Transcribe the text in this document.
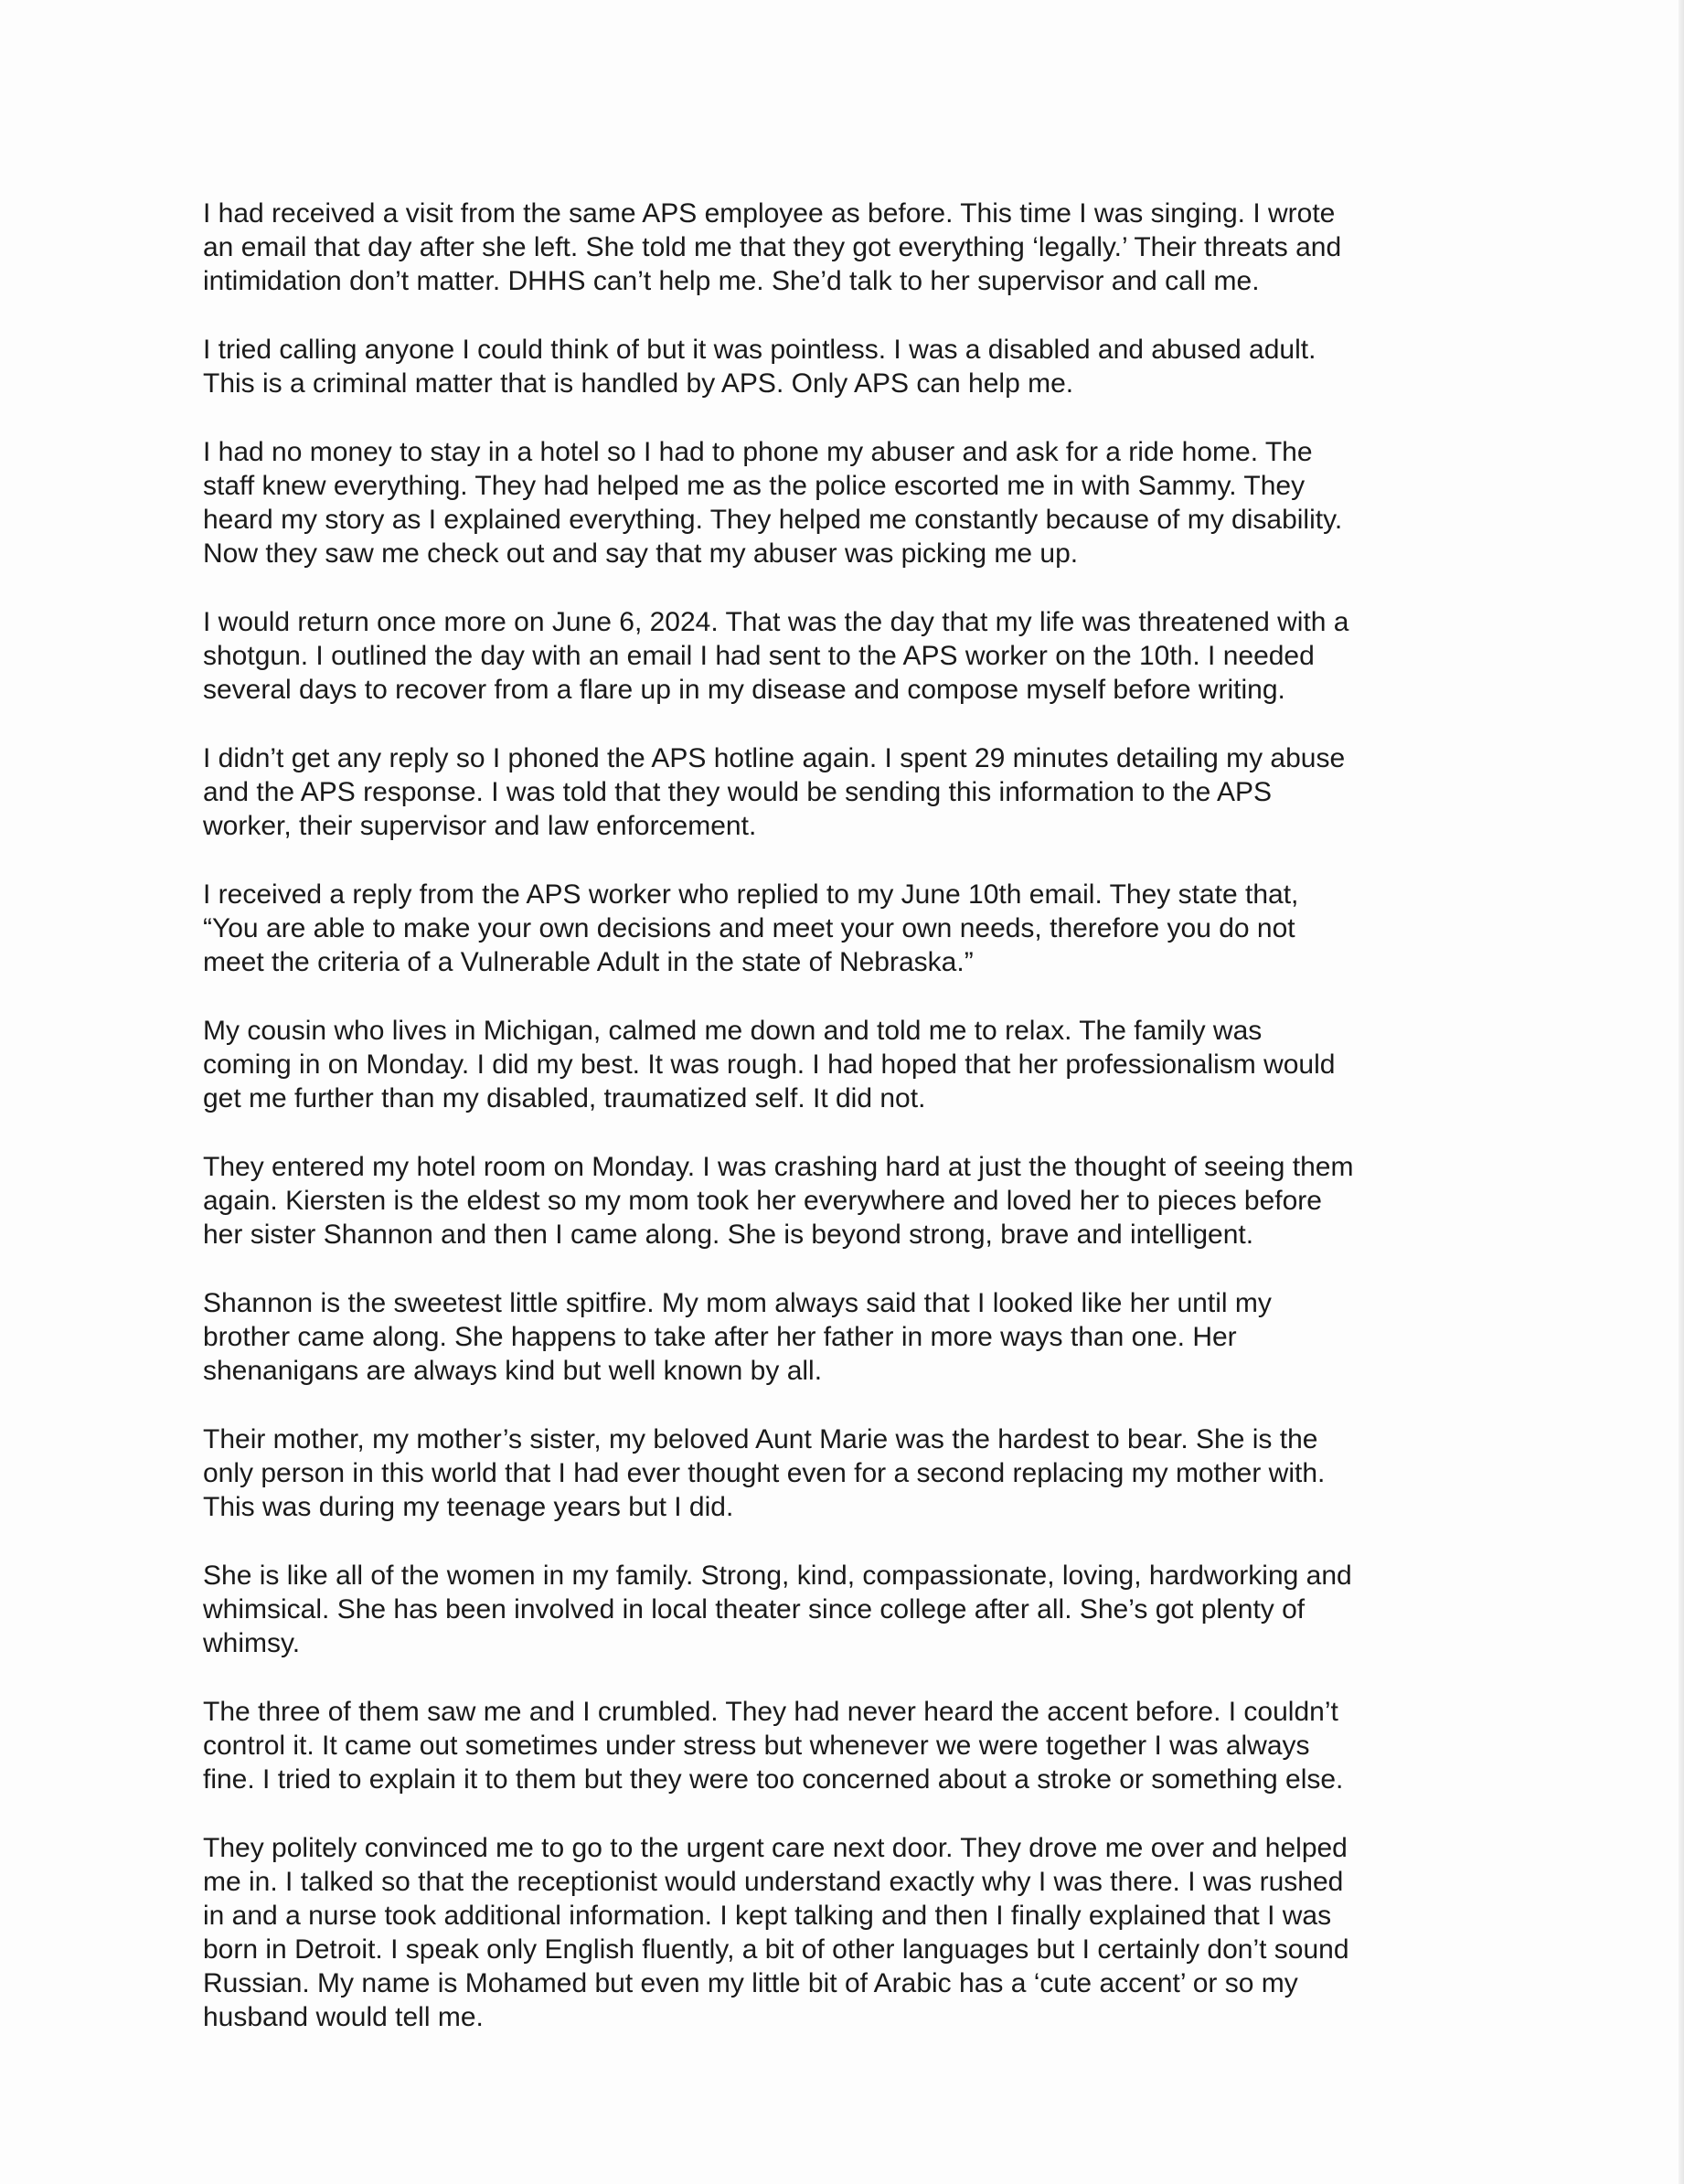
I had received a visit from the same APS employee as before. This time I was singing. I wrote
an email that day after she left. She told me that they got everything ‘legally.’ Their threats and
intimidation don’t matter. DHHS can’t help me. She’d talk to her supervisor and call me.

I tried calling anyone I could think of but it was pointless. I was a disabled and abused adult.
This is a criminal matter that is handled by APS. Only APS can help me.

I had no money to stay in a hotel so I had to phone my abuser and ask for a ride home. The
staff knew everything. They had helped me as the police escorted me in with Sammy. They
heard my story as I explained everything. They helped me constantly because of my disability.
Now they saw me check out and say that my abuser was picking me up.

I would return once more on June 6, 2024. That was the day that my life was threatened with a
shotgun. I outlined the day with an email I had sent to the APS worker on the 10th. I needed
several days to recover from a flare up in my disease and compose myself before writing.

I didn’t get any reply so I phoned the APS hotline again. I spent 29 minutes detailing my abuse
and the APS response. I was told that they would be sending this information to the APS
worker, their supervisor and law enforcement.

I received a reply from the APS worker who replied to my June 10th email. They state that,
“You are able to make your own decisions and meet your own needs, therefore you do not
meet the criteria of a Vulnerable Adult in the state of Nebraska.”

My cousin who lives in Michigan, calmed me down and told me to relax. The family was
coming in on Monday. I did my best. It was rough. I had hoped that her professionalism would
get me further than my disabled, traumatized self. It did not.

They entered my hotel room on Monday. I was crashing hard at just the thought of seeing them
again. Kiersten is the eldest so my mom took her everywhere and loved her to pieces before
her sister Shannon and then I came along. She is beyond strong, brave and intelligent.

Shannon is the sweetest little spitfire. My mom always said that I looked like her until my
brother came along. She happens to take after her father in more ways than one. Her
shenanigans are always kind but well known by all.

Their mother, my mother’s sister, my beloved Aunt Marie was the hardest to bear. She is the
only person in this world that I had ever thought even for a second replacing my mother with.
This was during my teenage years but I did.

She is like all of the women in my family. Strong, kind, compassionate, loving, hardworking and
whimsical. She has been involved in local theater since college after all. She’s got plenty of
whimsy.

The three of them saw me and I crumbled. They had never heard the accent before. I couldn’t
control it. It came out sometimes under stress but whenever we were together I was always
fine. I tried to explain it to them but they were too concerned about a stroke or something else.

They politely convinced me to go to the urgent care next door. They drove me over and helped
me in. I talked so that the receptionist would understand exactly why I was there. I was rushed
in and a nurse took additional information. I kept talking and then I finally explained that I was
born in Detroit. I speak only English fluently, a bit of other languages but I certainly don’t sound
Russian. My name is Mohamed but even my little bit of Arabic has a ‘cute accent’ or so my
husband would tell me.
